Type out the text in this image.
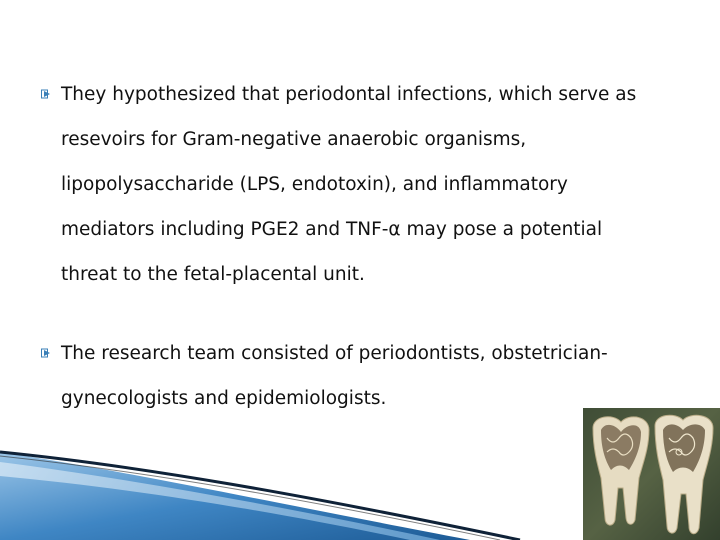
They hypothesized that periodontal infections, which serve as resevoirs for Gram-negative anaerobic organisms, lipopolysaccharide (LPS, endotoxin), and inflammatory mediators including PGE2 and TNF-α may pose a potential threat to the fetal-placental unit.

The research team consisted of periodontists, obstetrician-gynecologists and epidemiologists.
